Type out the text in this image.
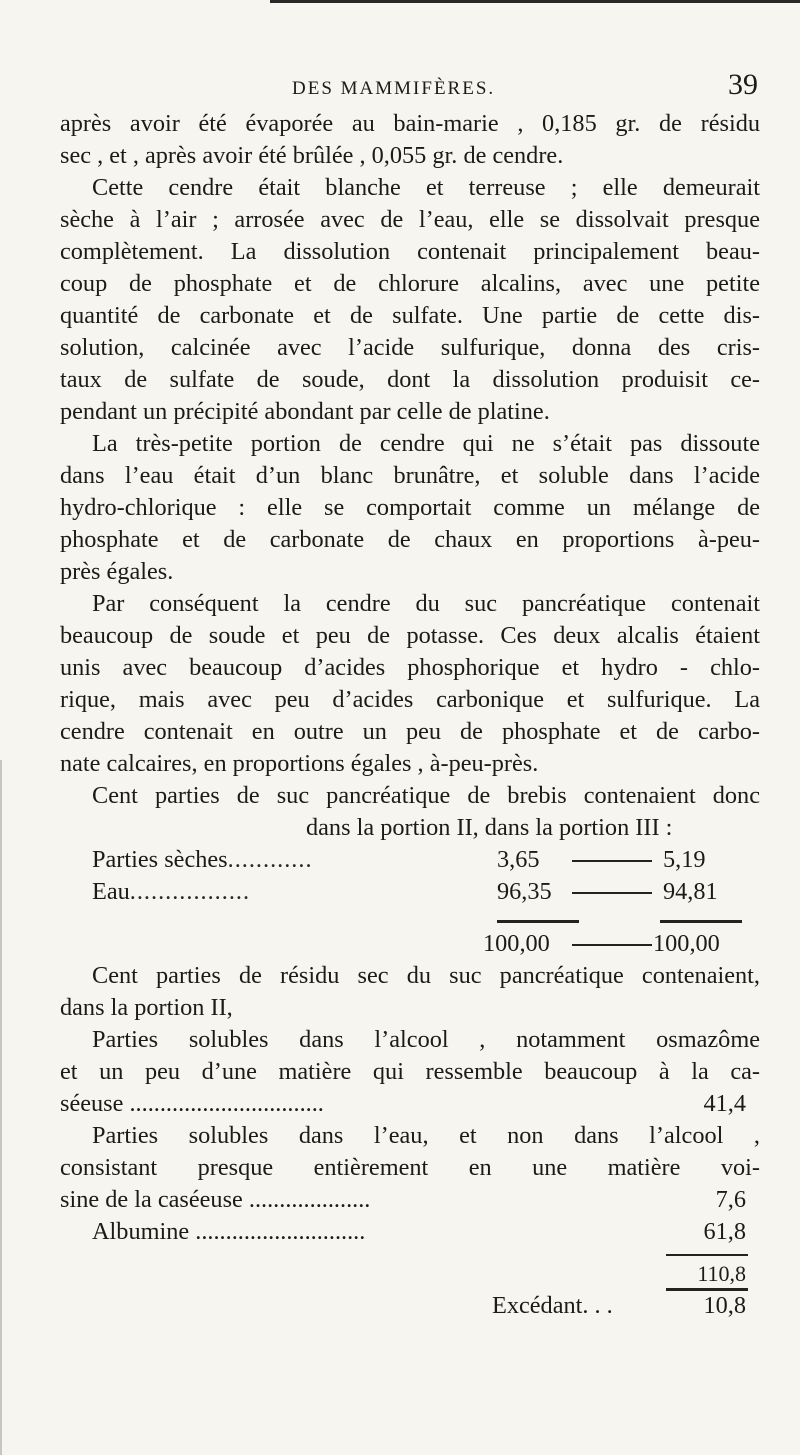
DES MAMMIFÈRES.	39
après avoir été évaporée au bain-marie , 0,185 gr. de résidu
sec , et , après avoir été brûlée , 0,055 gr. de cendre.
Cette cendre était blanche et terreuse ; elle demeurait
sèche à l’air ; arrosée avec de l’eau, elle se dissolvait presque
complètement. La dissolution contenait principalement beau-
coup de phosphate et de chlorure alcalins, avec une petite
quantité de carbonate et de sulfate. Une partie de cette dis-
solution, calcinée avec l’acide sulfurique, donna des cris-
taux de sulfate de soude, dont la dissolution produisit ce-
pendant un précipité abondant par celle de platine.
La très-petite portion de cendre qui ne s’était pas dissoute
dans l’eau était d’un blanc brunâtre, et soluble dans l’acide
hydro-chlorique : elle se comportait comme un mélange de
phosphate et de carbonate de chaux en proportions à-peu-
près égales.
Par conséquent la cendre du suc pancréatique contenait
beaucoup de soude et peu de potasse. Ces deux alcalis étaient
unis avec beaucoup d’acides phosphorique et hydro - chlo-
rique, mais avec peu d’acides carbonique et sulfurique. La
cendre contenait en outre un peu de phosphate et de carbo-
nate calcaires, en proportions égales , à-peu-près.
Cent parties de suc pancréatique de brebis contenaient donc
dans la portion II, dans la portion III :
Parties sèches............	3,65	5,19
Eau.................	96,35	94,81
100,00	100,00
Cent parties de résidu sec du suc pancréatique contenaient,
dans la portion II,
Parties solubles dans l’alcool , notamment osmazôme
et un peu d’une matière qui ressemble beaucoup à la ca-
séeuse ................................	41,4
Parties solubles dans l’eau, et non dans l’alcool ,
consistant presque entièrement en une matière voi-
sine de la caséeuse ....................	7,6
Albumine ............................	61,8
110,8
Excédant. . .	10,8
